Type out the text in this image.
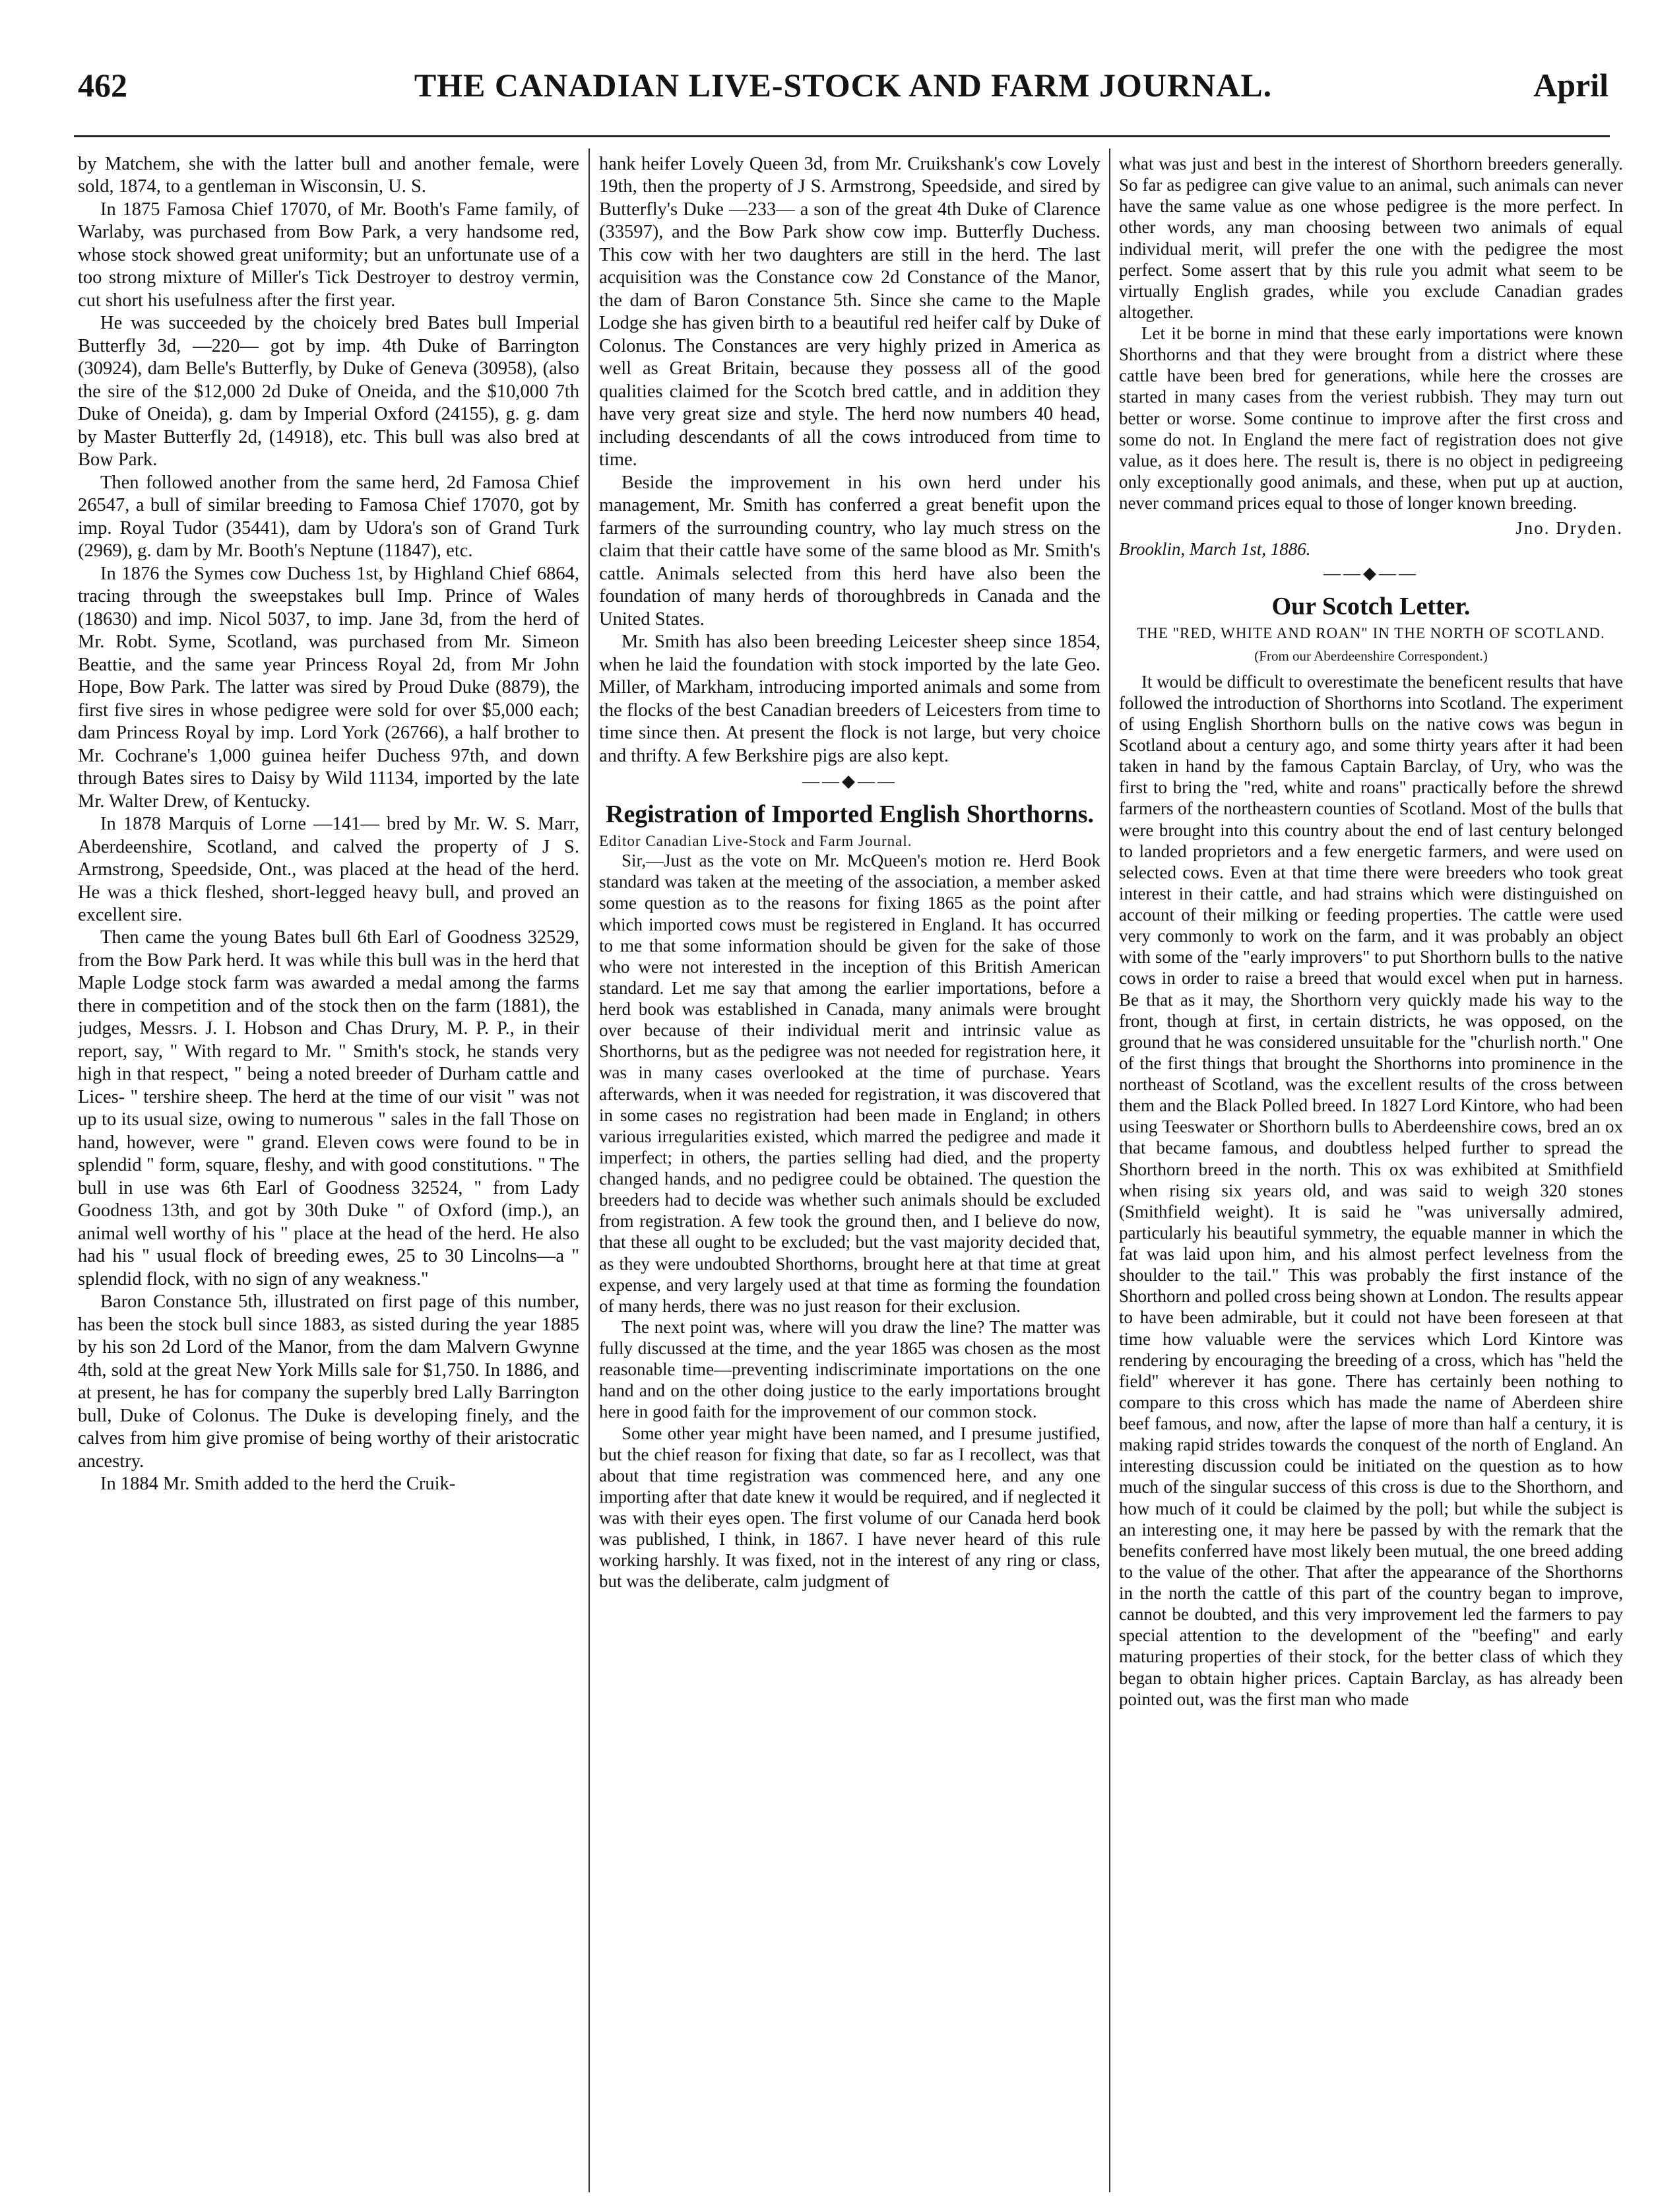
462	THE CANADIAN LIVE-STOCK AND FARM JOURNAL.	April

by Matchem, she with the latter bull and another female, were sold, 1874, to a gentleman in Wisconsin, U. S.

In 1875 Famosa Chief 17070, of Mr. Booth's Fame family, of Warlaby, was purchased from Bow Park, a very handsome red, whose stock showed great uniformity; but an unfortunate use of a too strong mixture of Miller's Tick Destroyer to destroy vermin, cut short his usefulness after the first year.

He was succeeded by the choicely bred Bates bull Imperial Butterfly 3d, —220— got by imp. 4th Duke of Barrington (30924), dam Belle's Butterfly, by Duke of Geneva (30958), (also the sire of the $12,000 2d Duke of Oneida, and the $10,000 7th Duke of Oneida), g. dam by Imperial Oxford (24155), g. g. dam by Master Butterfly 2d, (14918), etc. This bull was also bred at Bow Park.

Then followed another from the same herd, 2d Famosa Chief 26547, a bull of similar breeding to Famosa Chief 17070, got by imp. Royal Tudor (35441), dam by Udora's son of Grand Turk (2969), g. dam by Mr. Booth's Neptune (11847), etc.

In 1876 the Symes cow Duchess 1st, by Highland Chief 6864, tracing through the sweepstakes bull Imp. Prince of Wales (18630) and imp. Nicol 5037, to imp. Jane 3d, from the herd of Mr. Robt. Syme, Scotland, was purchased from Mr. Simeon Beattie, and the same year Princess Royal 2d, from Mr John Hope, Bow Park. The latter was sired by Proud Duke (8879), the first five sires in whose pedigree were sold for over $5,000 each; dam Princess Royal by imp. Lord York (26766), a half brother to Mr. Cochrane's 1,000 guinea heifer Duchess 97th, and down through Bates sires to Daisy by Wild 11134, imported by the late Mr. Walter Drew, of Kentucky.

In 1878 Marquis of Lorne —141— bred by Mr. W. S. Marr, Aberdeenshire, Scotland, and calved the property of J S. Armstrong, Speedside, Ont., was placed at the head of the herd. He was a thick fleshed, short-legged heavy bull, and proved an excellent sire.

Then came the young Bates bull 6th Earl of Goodness 32529, from the Bow Park herd. It was while this bull was in the herd that Maple Lodge stock farm was awarded a medal among the farms there in competition and of the stock then on the farm (1881), the judges, Messrs. J. I. Hobson and Chas Drury, M. P. P., in their report, say, " With regard to Mr. " Smith's stock, he stands very high in that respect, " being a noted breeder of Durham cattle and Lices- " tershire sheep. The herd at the time of our visit " was not up to its usual size, owing to numerous " sales in the fall Those on hand, however, were " grand. Eleven cows were found to be in splendid " form, square, fleshy, and with good constitutions. " The bull in use was 6th Earl of Goodness 32524, " from Lady Goodness 13th, and got by 30th Duke " of Oxford (imp.), an animal well worthy of his " place at the head of the herd. He also had his " usual flock of breeding ewes, 25 to 30 Lincolns—a " splendid flock, with no sign of any weakness."

Baron Constance 5th, illustrated on first page of this number, has been the stock bull since 1883, as sisted during the year 1885 by his son 2d Lord of the Manor, from the dam Malvern Gwynne 4th, sold at the great New York Mills sale for $1,750. In 1886, and at present, he has for company the superbly bred Lally Barrington bull, Duke of Colonus. The Duke is developing finely, and the calves from him give promise of being worthy of their aristocratic ancestry.

In 1884 Mr. Smith added to the herd the Cruik-

hank heifer Lovely Queen 3d, from Mr. Cruikshank's cow Lovely 19th, then the property of J S. Armstrong, Speedside, and sired by Butterfly's Duke —233— a son of the great 4th Duke of Clarence (33597), and the Bow Park show cow imp. Butterfly Duchess. This cow with her two daughters are still in the herd. The last acquisition was the Constance cow 2d Constance of the Manor, the dam of Baron Constance 5th. Since she came to the Maple Lodge she has given birth to a beautiful red heifer calf by Duke of Colonus. The Constances are very highly prized in America as well as Great Britain, because they possess all of the good qualities claimed for the Scotch bred cattle, and in addition they have very great size and style. The herd now numbers 40 head, including descendants of all the cows introduced from time to time.

Beside the improvement in his own herd under his management, Mr. Smith has conferred a great benefit upon the farmers of the surrounding country, who lay much stress on the claim that their cattle have some of the same blood as Mr. Smith's cattle. Animals selected from this herd have also been the foundation of many herds of thoroughbreds in Canada and the United States.

Mr. Smith has also been breeding Leicester sheep since 1854, when he laid the foundation with stock imported by the late Geo. Miller, of Markham, introducing imported animals and some from the flocks of the best Canadian breeders of Leicesters from time to time since then. At present the flock is not large, but very choice and thrifty. A few Berkshire pigs are also kept.

——◆——
Registration of Imported English Shorthorns.

Editor Canadian Live-Stock and Farm Journal.

Sir,—Just as the vote on Mr. McQueen's motion re. Herd Book standard was taken at the meeting of the association, a member asked some question as to the reasons for fixing 1865 as the point after which imported cows must be registered in England. It has occurred to me that some information should be given for the sake of those who were not interested in the inception of this British American standard. Let me say that among the earlier importations, before a herd book was established in Canada, many animals were brought over because of their individual merit and intrinsic value as Shorthorns, but as the pedigree was not needed for registration here, it was in many cases overlooked at the time of purchase. Years afterwards, when it was needed for registration, it was discovered that in some cases no registration had been made in England; in others various irregularities existed, which marred the pedigree and made it imperfect; in others, the parties selling had died, and the property changed hands, and no pedigree could be obtained. The question the breeders had to decide was whether such animals should be excluded from registration. A few took the ground then, and I believe do now, that these all ought to be excluded; but the vast majority decided that, as they were undoubted Shorthorns, brought here at that time at great expense, and very largely used at that time as forming the foundation of many herds, there was no just reason for their exclusion.

The next point was, where will you draw the line? The matter was fully discussed at the time, and the year 1865 was chosen as the most reasonable time—preventing indiscriminate importations on the one hand and on the other doing justice to the early importations brought here in good faith for the improvement of our common stock.

Some other year might have been named, and I presume justified, but the chief reason for fixing that date, so far as I recollect, was that about that time registration was commenced here, and any one importing after that date knew it would be required, and if neglected it was with their eyes open. The first volume of our Canada herd book was published, I think, in 1867. I have never heard of this rule working harshly. It was fixed, not in the interest of any ring or class, but was the deliberate, calm judgment of

what was just and best in the interest of Shorthorn breeders generally. So far as pedigree can give value to an animal, such animals can never have the same value as one whose pedigree is the more perfect. In other words, any man choosing between two animals of equal individual merit, will prefer the one with the pedigree the most perfect. Some assert that by this rule you admit what seem to be virtually English grades, while you exclude Canadian grades altogether.

Let it be borne in mind that these early importations were known Shorthorns and that they were brought from a district where these cattle have been bred for generations, while here the crosses are started in many cases from the veriest rubbish. They may turn out better or worse. Some continue to improve after the first cross and some do not. In England the mere fact of registration does not give value, as it does here. The result is, there is no object in pedigreeing only exceptionally good animals, and these, when put up at auction, never command prices equal to those of longer known breeding.

Jno. Dryden.

Brooklin, March 1st, 1886.

——◆——
Our Scotch Letter.
THE "RED, WHITE AND ROAN" IN THE NORTH OF SCOTLAND.
(From our Aberdeenshire Correspondent.)

It would be difficult to overestimate the beneficent results that have followed the introduction of Shorthorns into Scotland. The experiment of using English Shorthorn bulls on the native cows was begun in Scotland about a century ago, and some thirty years after it had been taken in hand by the famous Captain Barclay, of Ury, who was the first to bring the "red, white and roans" practically before the shrewd farmers of the northeastern counties of Scotland. Most of the bulls that were brought into this country about the end of last century belonged to landed proprietors and a few energetic farmers, and were used on selected cows. Even at that time there were breeders who took great interest in their cattle, and had strains which were distinguished on account of their milking or feeding properties. The cattle were used very commonly to work on the farm, and it was probably an object with some of the "early improvers" to put Shorthorn bulls to the native cows in order to raise a breed that would excel when put in harness. Be that as it may, the Shorthorn very quickly made his way to the front, though at first, in certain districts, he was opposed, on the ground that he was considered unsuitable for the "churlish north." One of the first things that brought the Shorthorns into prominence in the northeast of Scotland, was the excellent results of the cross between them and the Black Polled breed. In 1827 Lord Kintore, who had been using Teeswater or Shorthorn bulls to Aberdeenshire cows, bred an ox that became famous, and doubtless helped further to spread the Shorthorn breed in the north. This ox was exhibited at Smithfield when rising six years old, and was said to weigh 320 stones (Smithfield weight). It is said he "was universally admired, particularly his beautiful symmetry, the equable manner in which the fat was laid upon him, and his almost perfect levelness from the shoulder to the tail." This was probably the first instance of the Shorthorn and polled cross being shown at London. The results appear to have been admirable, but it could not have been foreseen at that time how valuable were the services which Lord Kintore was rendering by encouraging the breeding of a cross, which has "held the field" wherever it has gone. There has certainly been nothing to compare to this cross which has made the name of Aberdeen shire beef famous, and now, after the lapse of more than half a century, it is making rapid strides towards the conquest of the north of England. An interesting discussion could be initiated on the question as to how much of the singular success of this cross is due to the Shorthorn, and how much of it could be claimed by the poll; but while the subject is an interesting one, it may here be passed by with the remark that the benefits conferred have most likely been mutual, the one breed adding to the value of the other. That after the appearance of the Shorthorns in the north the cattle of this part of the country began to improve, cannot be doubted, and this very improvement led the farmers to pay special attention to the development of the "beefing" and early maturing properties of their stock, for the better class of which they began to obtain higher prices. Captain Barclay, as has already been pointed out, was the first man who made
